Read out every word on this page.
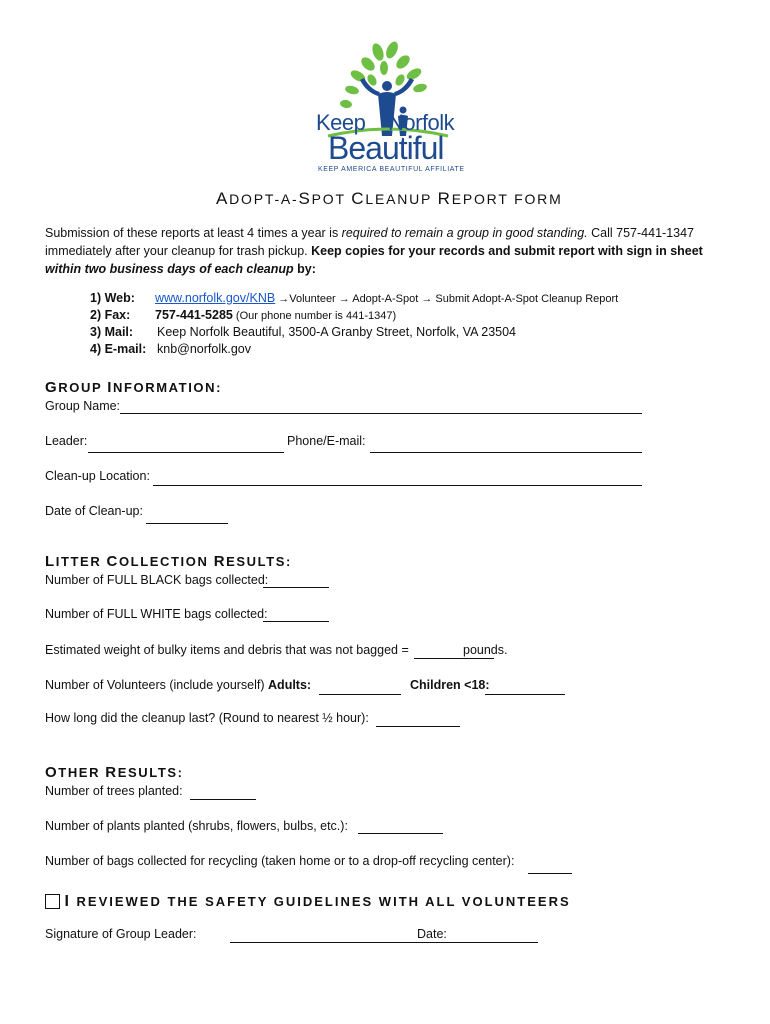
Keep Norfolk
Beautiful
KEEP AMERICA BEAUTIFUL AFFILIATE
ADOPT-A-SPOT CLEANUP REPORT FORM
Submission of these reports at least 4 times a year is required to remain a group in good standing. Call 757-441-1347
immediately after your cleanup for trash pickup. Keep copies for your records and submit report with sign in sheet
within two business days of each cleanup by:
1) Web: www.norfolk.gov/KNB →Volunteer → Adopt-A-Spot → Submit Adopt-A-Spot Cleanup Report
2) Fax: 757-441-5285 (Our phone number is 441-1347)
3) Mail: Keep Norfolk Beautiful, 3500-A Granby Street, Norfolk, VA 23504
4) E-mail: knb@norfolk.gov
GROUP INFORMATION:
Group Name:
Leader:	Phone/E-mail:
Clean-up Location:
Date of Clean-up:
LITTER COLLECTION RESULTS:
Number of FULL BLACK bags collected:
Number of FULL WHITE bags collected:
Estimated weight of bulky items and debris that was not bagged =	pounds.
Number of Volunteers (include yourself) Adults:	Children <18:
How long did the cleanup last? (Round to nearest ½ hour):
OTHER RESULTS:
Number of trees planted:
Number of plants planted (shrubs, flowers, bulbs, etc.):
Number of bags collected for recycling (taken home or to a drop-off recycling center):
I REVIEWED THE SAFETY GUIDELINES WITH ALL VOLUNTEERS
Signature of Group Leader:	Date:
